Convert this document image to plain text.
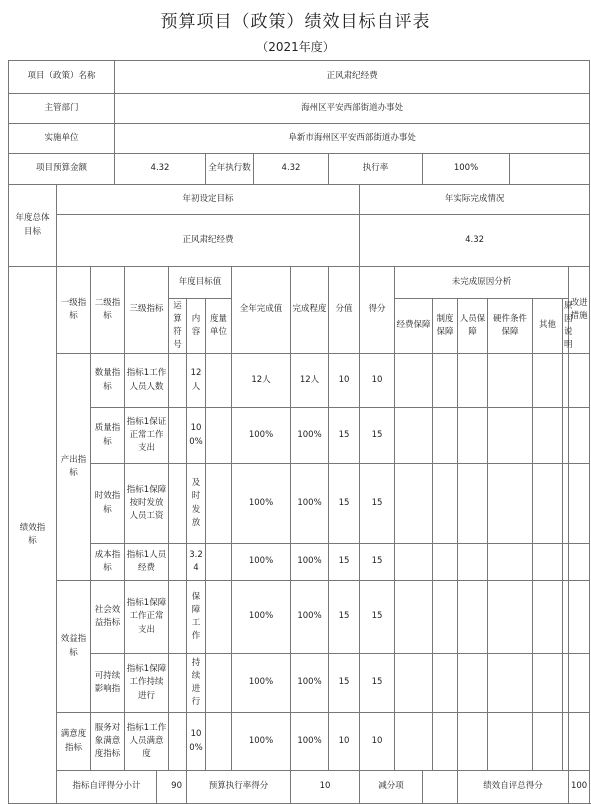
预算项目（政策）绩效目标自评表
（2021年度）
项目（政策）名称			正风肃纪经费																			
主管部门			海州区平安西部街道办事处																			
实施单位			阜新市海州区平安西部街道办事处																			
项目预算金额			4.32					全年执行数		4.32		执行率			100%							
年度总体目标	年初设定目标												年实际完成情况									
	正风肃纪经费												4.32									
绩效指标	一级指标	二级指标		三级指标		年度目标值			全年完成值		完成程度	分值	得分	未完成原因分析								改进措施
						运算符号	内容	度量单位						经费保障		制度保障	人员保障	硬件条件保障		其他	原因说明	
	产出指标	数量指标		指标1工作人员人数			12人		12人		12人	10	10									
		质量指标		指标1保证正常工作支出			100%		100%		100%	15	15									
		时效指标		指标1保障按时发放人员工资			及时发放		100%		100%	15	15									
		成本指标		指标1人员经费			3.24		100%		100%	15	15									
	效益指标	社会效益指标		指标1保障工作正常支出			保障工作		100%		100%	15	15									
		可持续影响指		指标1保障工作持续进行			持续进行		100%		100%	15	15									
	满意度指标	服务对象满意度指标		指标1工作人员满意度			100%		100%		100%	10	10									
	指标自评得分小计				90		预算执行率得分				10		减分项				绩效自评总得分					100
